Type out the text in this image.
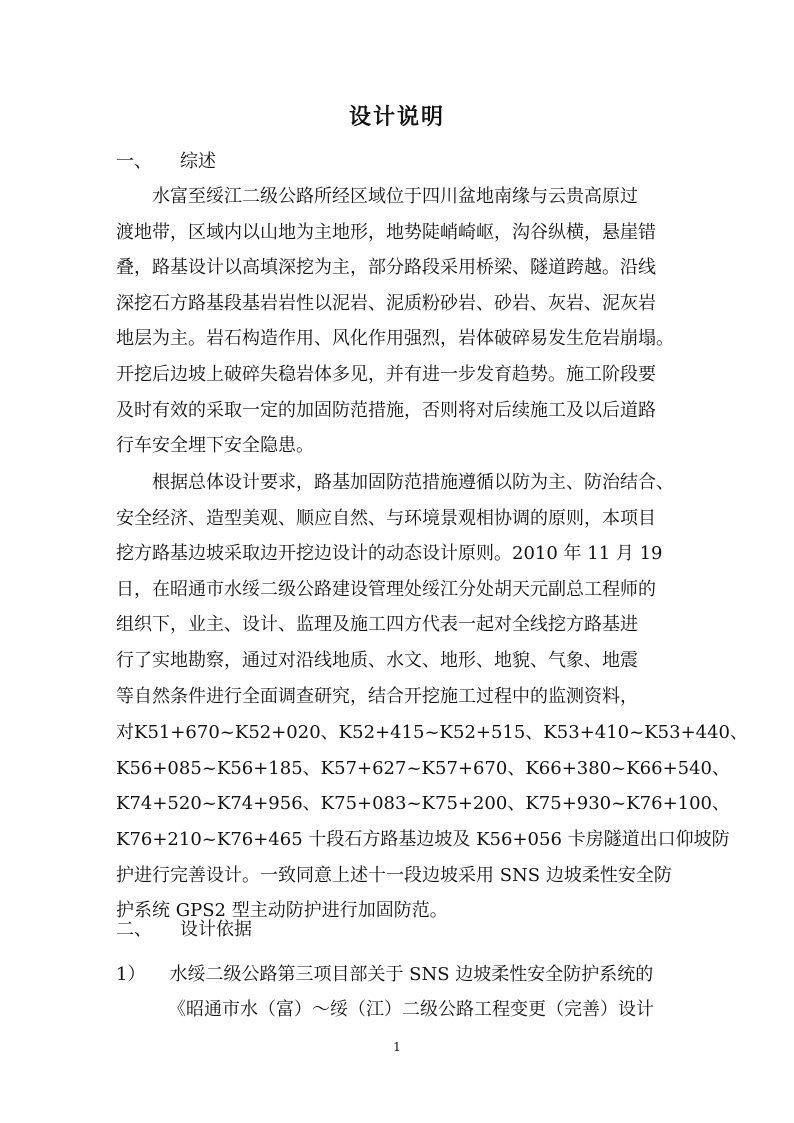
设计说明
一、 综述
水富至绥江二级公路所经区域位于四川盆地南缘与云贵高原过
渡地带，区域内以山地为主地形，地势陡峭崎岖，沟谷纵横，悬崖错
叠，路基设计以高填深挖为主，部分路段采用桥梁、隧道跨越。沿线
深挖石方路基段基岩岩性以泥岩、泥质粉砂岩、砂岩、灰岩、泥灰岩
地层为主。岩石构造作用、风化作用强烈，岩体破碎易发生危岩崩塌。
开挖后边坡上破碎失稳岩体多见，并有进一步发育趋势。施工阶段要
及时有效的采取一定的加固防范措施，否则将对后续施工及以后道路
行车安全埋下安全隐患。
根据总体设计要求，路基加固防范措施遵循以防为主、防治结合、
安全经济、造型美观、顺应自然、与环境景观相协调的原则，本项目
挖方路基边坡采取边开挖边设计的动态设计原则。2010 年 11 月 19
日，在昭通市水绥二级公路建设管理处绥江分处胡天元副总工程师的
组织下，业主、设计、监理及施工四方代表一起对全线挖方路基进
行了实地勘察，通过对沿线地质、水文、地形、地貌、气象、地震
等自然条件进行全面调查研究，结合开挖施工过程中的监测资料，
对 K51+670~K52+020 、 K52+415~K52+515 、 K53+410~K53+440 、
K56+085~K56+185 、 K57+627~K57+670 、 K66+380~K66+540 、
K74+520~K74+956 、 K75+083~K75+200 、 K75+930~K76+100 、
K76+210~K76+465 十段石方路基边坡及 K56+056 卡房隧道出口仰坡防
护进行完善设计。一致同意上述十一段边坡采用 SNS 边坡柔性安全防
护系统 GPS2 型主动防护进行加固防范。
二、 设计依据
1） 水绥二级公路第三项目部关于 SNS 边坡柔性安全防护系统的
《昭通市水（富）～绥（江）二级公路工程变更（完善）设计
1
